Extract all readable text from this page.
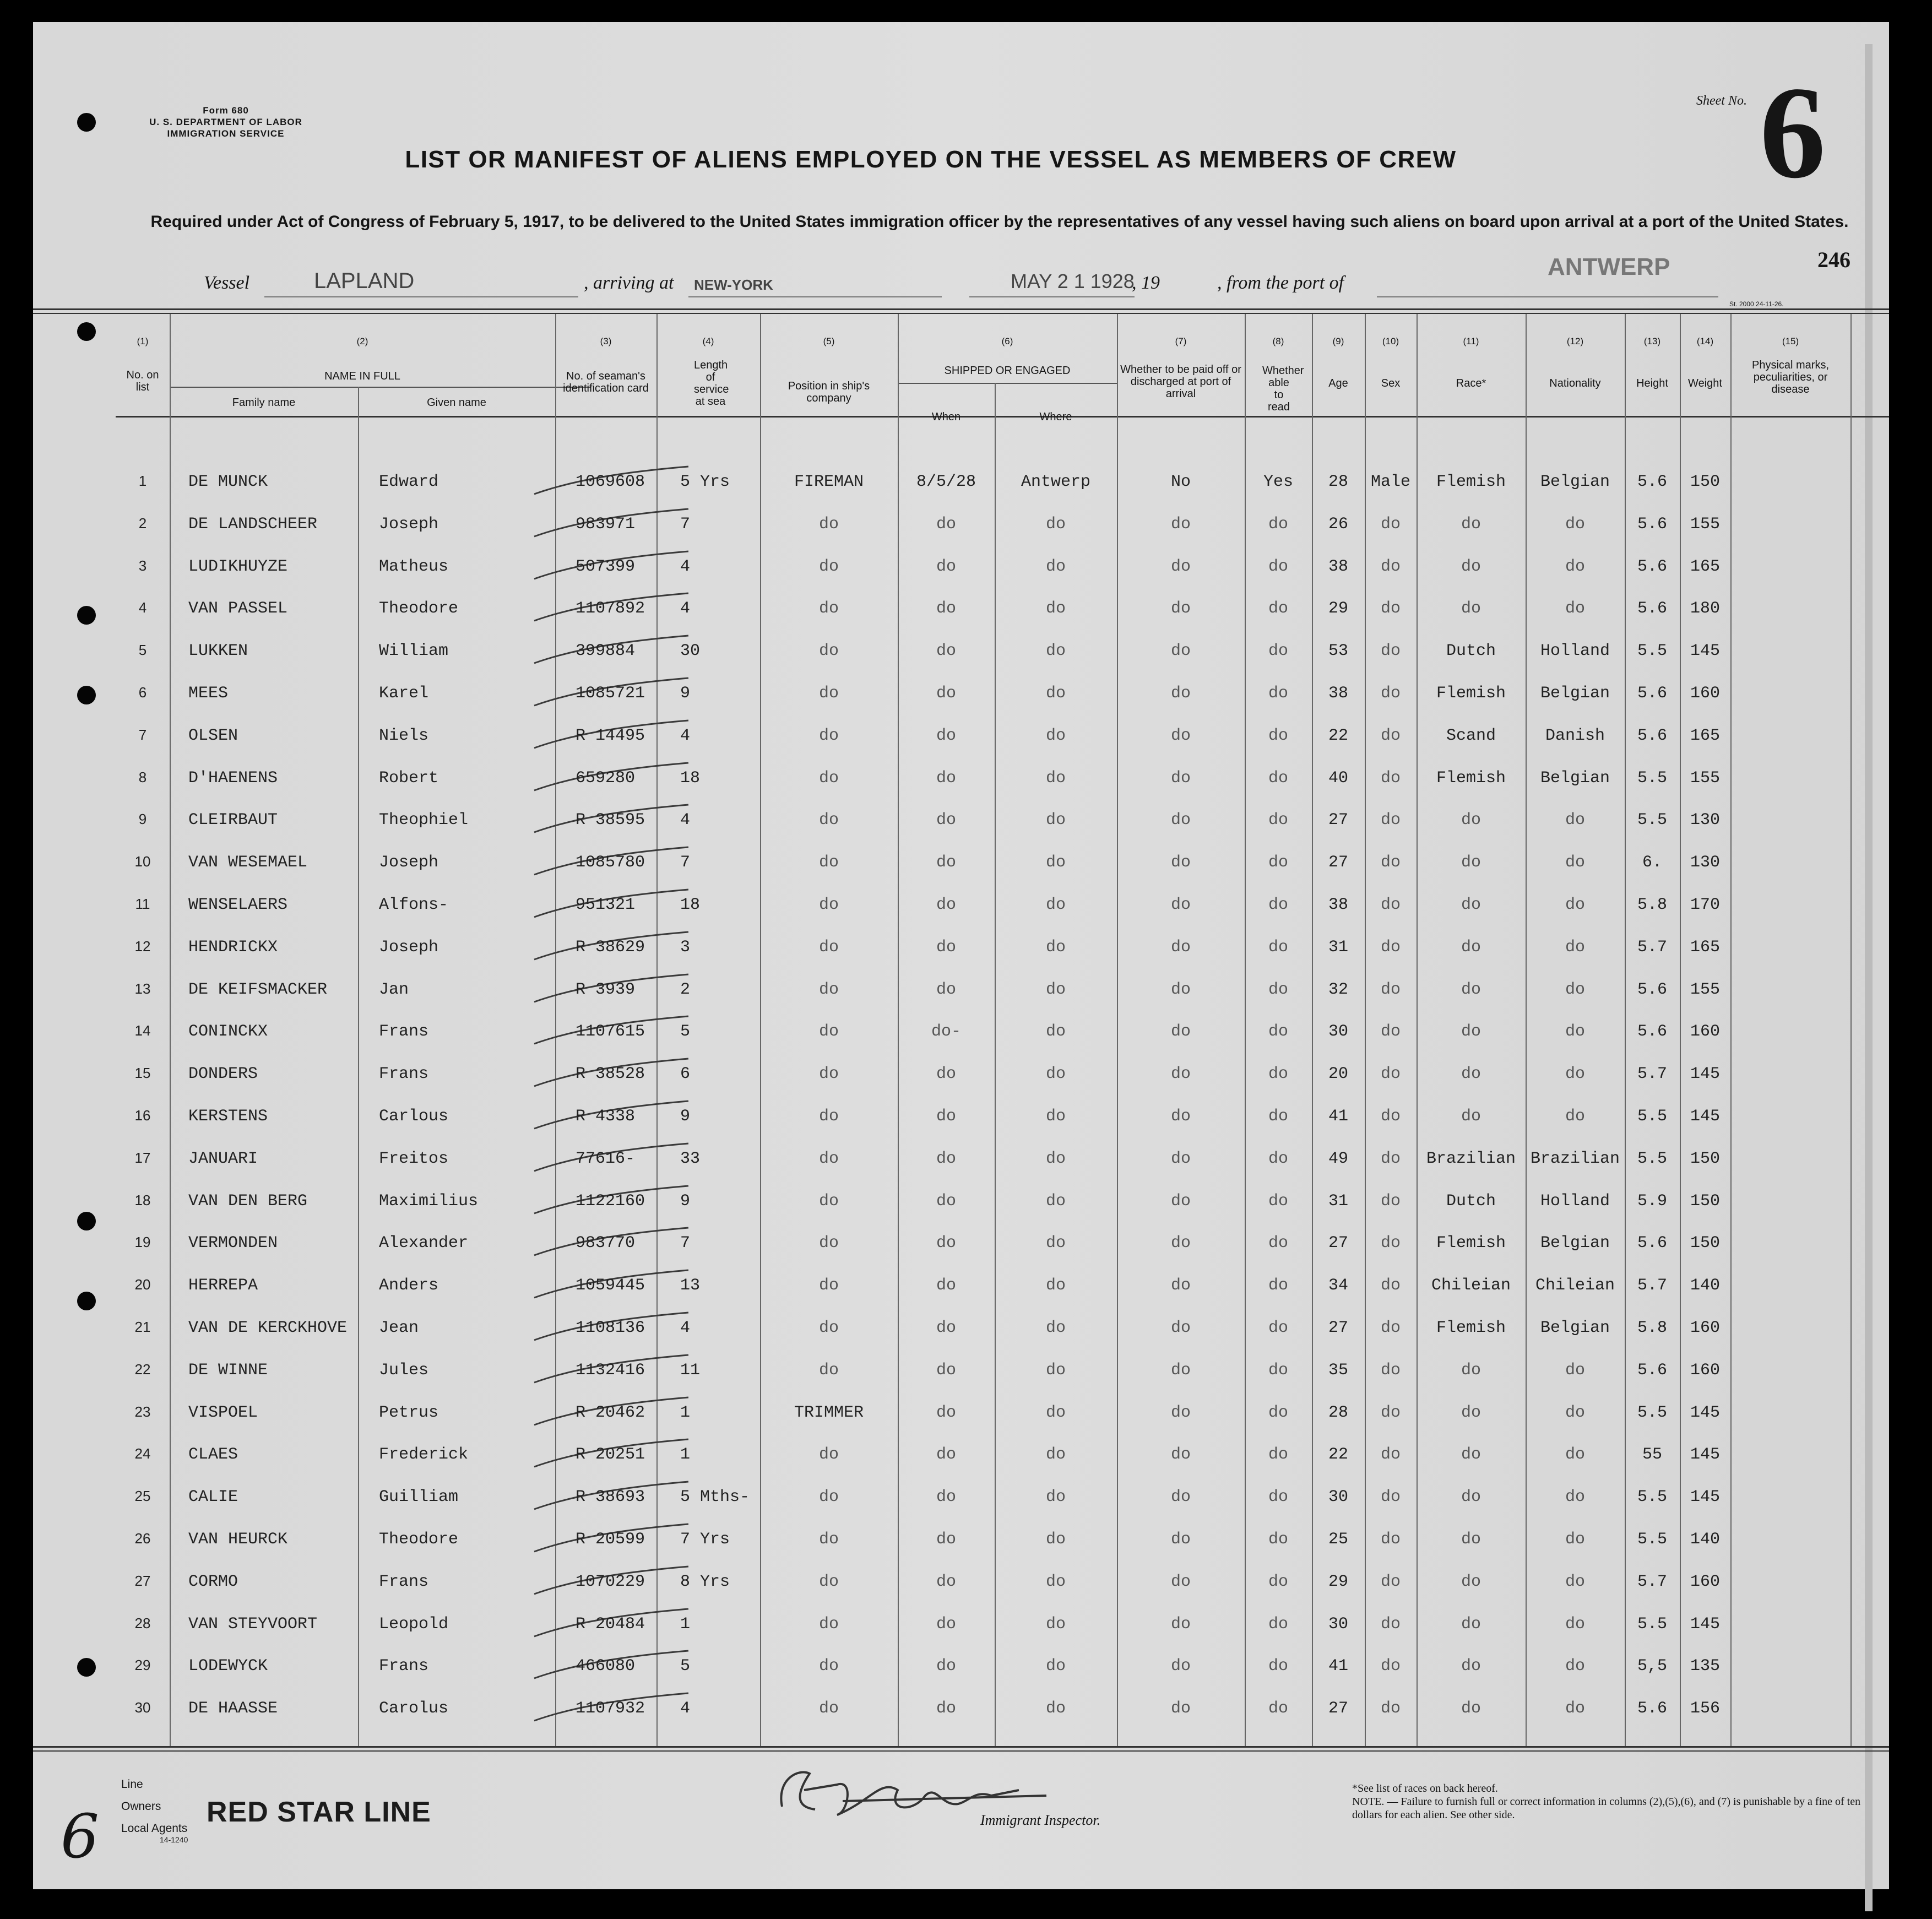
Form 680
U. S. DEPARTMENT OF LABOR
IMMIGRATION SERVICE
Sheet No. 6
LIST OR MANIFEST OF ALIENS EMPLOYED ON THE VESSEL AS MEMBERS OF CREW
Required under Act of Congress of February 5, 1917, to be delivered to the United States immigration officer by the representatives of any vessel having such aliens on board upon arrival at a port of the United States.
246
Vessel	LAPLAND	, arriving at NEW-YORK	MAY 2 1 1928
, 19	, from the port of
ANTWERP
St. 2000 24-11-26.
(1)	(2)	(3)	(4)	(5)	(6)	(7)	(8)	(9)	(10)	(11)	(12)	(13)	(14)	(15)
No. on list
NAME IN FULL
Family name	Given name
No. of seaman's identification card
Length of service at sea
Position in ship's company
SHIPPED OR ENGAGED
When	Where
Whether to be paid off or discharged at port of arrival
Whether able to read
Age	Sex	Race*	Nationality	Height	Weight
Physical marks, peculiarities, or disease
1	DE MUNCK	Edward	1069608	5 Yrs	FIREMAN	8/5/28	Antwerp	No	Yes	28	Male	Flemish	Belgian	5.6	150
2	DE LANDSCHEER	Joseph	983971	7	do	do	do	do	do	26	do	do	do	5.6	155
3	LUDIKHUYZE	Matheus	507399	4	do	do	do	do	do	38	do	do	do	5.6	165
4	VAN PASSEL	Theodore	1107892	4	do	do	do	do	do	29	do	do	do	5.6	180
5	LUKKEN	William	399884	30	do	do	do	do	do	53	do	Dutch	Holland	5.5	145
6	MEES	Karel	1085721	9	do	do	do	do	do	38	do	Flemish	Belgian	5.6	160
7	OLSEN	Niels	R 14495	4	do	do	do	do	do	22	do	Scand	Danish	5.6	165
8	D'HAENENS	Robert	659280	18	do	do	do	do	do	40	do	Flemish	Belgian	5.5	155
9	CLEIRBAUT	Theophiel	R 38595	4	do	do	do	do	do	27	do	do	do	5.5	130
10	VAN WESEMAEL	Joseph	1085780	7	do	do	do	do	do	27	do	do	do	6.	130
11	WENSELAERS	Alfons-	951321	18	do	do	do	do	do	38	do	do	do	5.8	170
12	HENDRICKX	Joseph	R 38629	3	do	do	do	do	do	31	do	do	do	5.7	165
13	DE KEIFSMACKER	Jan	R 3939	2	do	do	do	do	do	32	do	do	do	5.6	155
14	CONINCKX	Frans	1107615	5	do	do-	do	do	do	30	do	do	do	5.6	160
15	DONDERS	Frans	R 38528	6	do	do	do	do	do	20	do	do	do	5.7	145
16	KERSTENS	Carlous	R 4338	9	do	do	do	do	do	41	do	do	do	5.5	145
17	JANUARI	Freitos	77616-	33	do	do	do	do	do	49	do	Brazilian Brazilian	5.5	150
18	VAN DEN BERG	Maximilius	1122160	9	do	do	do	do	do	31	do	Dutch	Holland	5.9	150
19	VERMONDEN	Alexander	983770	7	do	do	do	do	do	27	do	Flemish	Belgian	5.6	150
20	HERREPA	Anders	1059445	13	do	do	do	do	do	34	do	Chileian	Chileian	5.7	140
21	VAN DE KERCKHOVE	Jean	1108136	4	do	do	do	do	do	27	do	Flemish	Belgian	5.8	160
22	DE WINNE	Jules	1132416	11	do	do	do	do	do	35	do	do	do	5.6	160
23	VISPOEL	Petrus	R 20462	1	TRIMMER	do	do	do	do	28	do	do	do	5.5	145
24	CLAES	Frederick	R 20251	1	do	do	do	do	do	22	do	do	do	55	145
25	CALIE	Guilliam	R 38693	5 Mths-	do	do	do	do	do	30	do	do	do	5.5	145
26	VAN HEURCK	Theodore	R 20599	7 Yrs	do	do	do	do	do	25	do	do	do	5.5	140
27	CORMO	Frans	1070229	8 Yrs	do	do	do	do	do	29	do	do	do	5.7	160
28	VAN STEYVOORT	Leopold	R 20484	1	do	do	do	do	do	30	do	do	do	5.5	145
29	LODEWYCK	Frans	466080	5	do	do	do	do	do	41	do	do	do	5,5	135
30	DE HAASSE	Carolus	1107932	4	do	do	do	do	do	27	do	do	do	5.6	156
Line
Owners
Local Agents
14-1240
RED STAR LINE	Immigrant Inspector.
*See list of races on back hereof.
NOTE. — Failure to furnish full or correct information in columns (2),(5),(6), and (7) is punishable by a fine of ten dollars for each alien. See other side.
6
